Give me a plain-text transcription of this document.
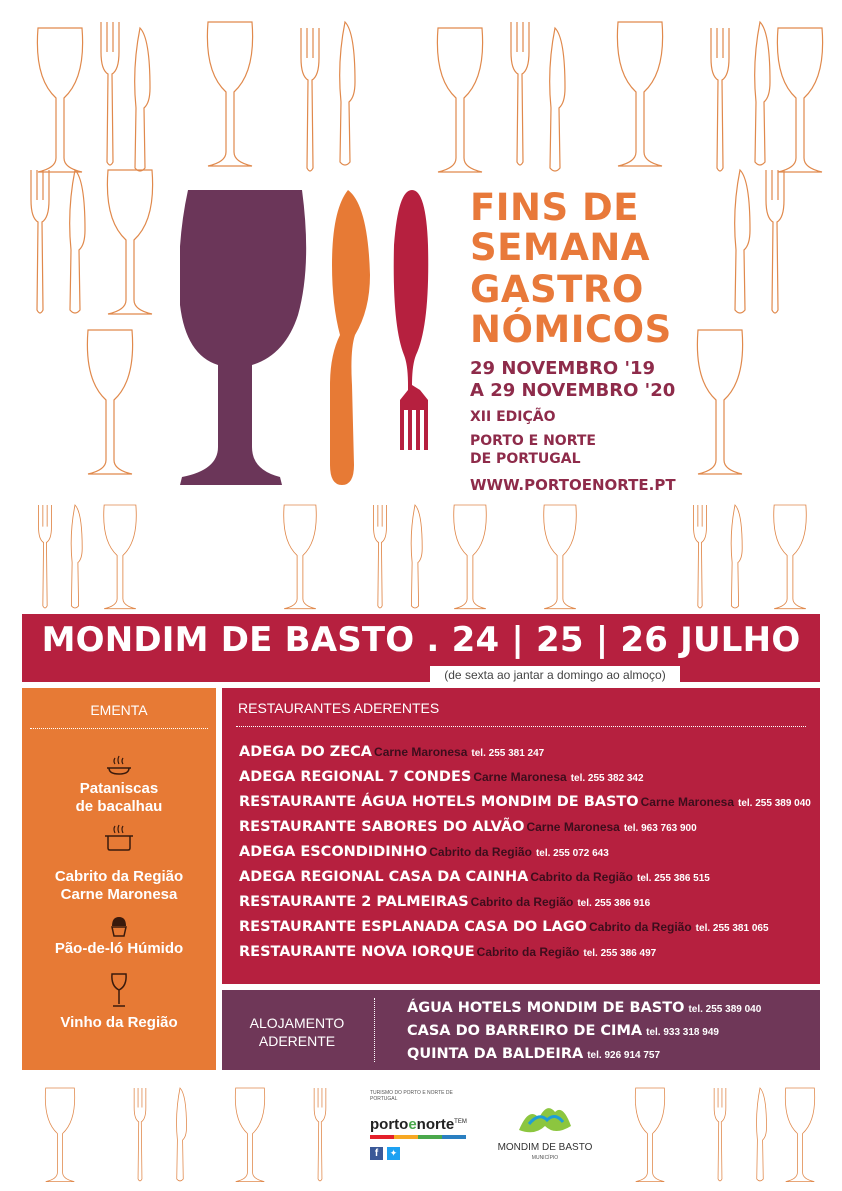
FINS DE
SEMANA
GASTRO
NÓMICOS
29 NOVEMBRO '19
A 29 NOVEMBRO '20
XII EDIÇÃO
PORTO E NORTE
DE PORTUGAL
WWW.PORTOENORTE.PT
MONDIM DE BASTO . 24 | 25 | 26 JULHO
(de sexta ao jantar a domingo ao almoço)
EMENTA
Pataniscas
de bacalhau
Cabrito da Região
Carne Maronesa
Pão-de-ló Húmido
Vinho da Região
RESTAURANTES ADERENTES
ADEGA DO ZECA Carne Maronesa tel. 255 381 247
ADEGA REGIONAL 7 CONDES Carne Maronesa tel. 255 382 342
RESTAURANTE ÁGUA HOTELS MONDIM DE BASTO Carne Maronesa tel. 255 389 040
RESTAURANTE SABORES DO ALVÃO Carne Maronesa tel. 963 763 900
ADEGA ESCONDIDINHO Cabrito da Região tel. 255 072 643
ADEGA REGIONAL CASA DA CAINHA Cabrito da Região tel. 255 386 515
RESTAURANTE 2 PALMEIRAS Cabrito da Região tel. 255 386 916
RESTAURANTE ESPLANADA CASA DO LAGO Cabrito da Região tel. 255 381 065
RESTAURANTE NOVA IORQUE Cabrito da Região tel. 255 386 497
ALOJAMENTO
ADERENTE
ÁGUA HOTELS MONDIM DE BASTO tel. 255 389 040
CASA DO BARREIRO DE CIMA tel. 933 318 949
QUINTA DA BALDEIRA tel. 926 914 757
TURISMO DO PORTO E NORTE DE PORTUGAL
portoenorte$^{TEM}$
f	✦	MONDIM DE BASTO
MUNICÍPIO
